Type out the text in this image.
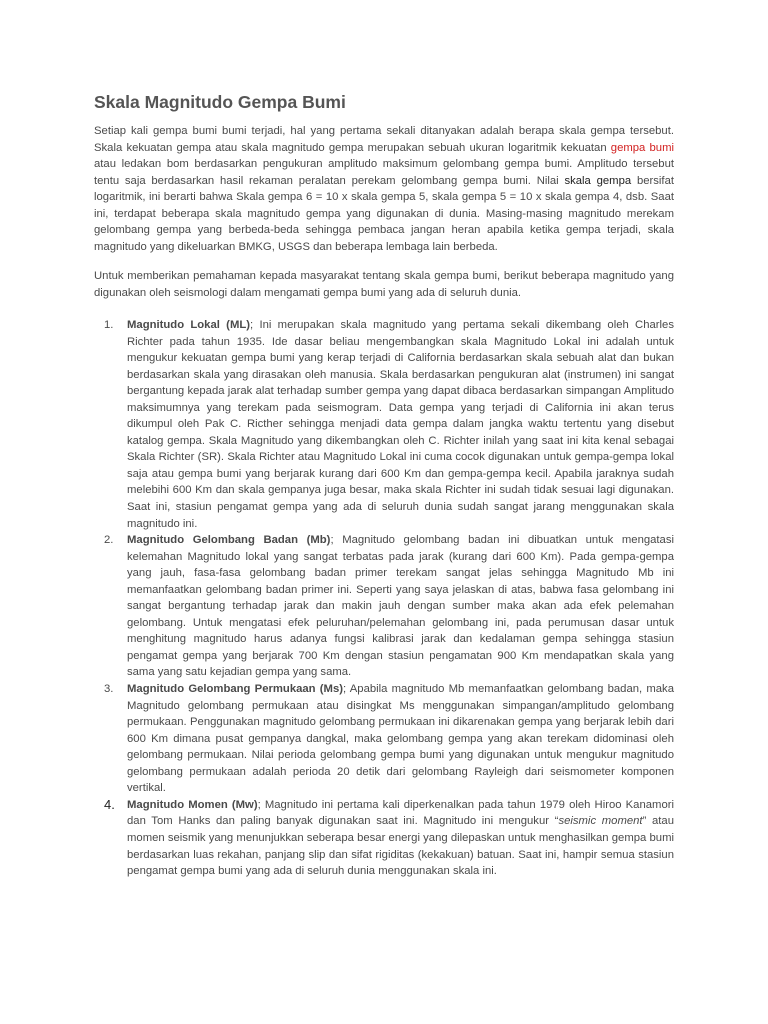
Skala Magnitudo Gempa Bumi

Setiap kali gempa bumi bumi terjadi, hal yang pertama sekali ditanyakan adalah berapa skala gempa tersebut. Skala kekuatan gempa atau skala magnitudo gempa merupakan sebuah ukuran logaritmik kekuatan gempa bumi atau ledakan bom berdasarkan pengukuran amplitudo maksimum gelombang gempa bumi. Amplitudo tersebut tentu saja berdasarkan hasil rekaman peralatan perekam gelombang gempa bumi. Nilai skala gempa bersifat logaritmik, ini berarti bahwa Skala gempa 6 = 10 x skala gempa 5, skala gempa 5 = 10 x skala gempa 4, dsb. Saat ini, terdapat beberapa skala magnitudo gempa yang digunakan di dunia. Masing-masing magnitudo merekam gelombang gempa yang berbeda-beda sehingga pembaca jangan heran apabila ketika gempa terjadi, skala magnitudo yang dikeluarkan BMKG, USGS dan beberapa lembaga lain berbeda.

Untuk memberikan pemahaman kepada masyarakat tentang skala gempa bumi, berikut beberapa magnitudo yang digunakan oleh seismologi dalam mengamati gempa bumi yang ada di seluruh dunia.

1. Magnitudo Lokal (ML); Ini merupakan skala magnitudo yang pertama sekali dikembang oleh Charles Richter pada tahun 1935. Ide dasar beliau mengembangkan skala Magnitudo Lokal ini adalah untuk mengukur kekuatan gempa bumi yang kerap terjadi di California berdasarkan skala sebuah alat dan bukan berdasarkan skala yang dirasakan oleh manusia. Skala berdasarkan pengukuran alat (instrumen) ini sangat bergantung kepada jarak alat terhadap sumber gempa yang dapat dibaca berdasarkan simpangan Amplitudo maksimumnya yang terekam pada seismogram. Data gempa yang terjadi di California ini akan terus dikumpul oleh Pak C. Ricther sehingga menjadi data gempa dalam jangka waktu tertentu yang disebut katalog gempa. Skala Magnitudo yang dikembangkan oleh C. Richter inilah yang saat ini kita kenal sebagai Skala Richter (SR). Skala Richter atau Magnitudo Lokal ini cuma cocok digunakan untuk gempa-gempa lokal saja atau gempa bumi yang berjarak kurang dari 600 Km dan gempa-gempa kecil. Apabila jaraknya sudah melebihi 600 Km dan skala gempanya juga besar, maka skala Richter ini sudah tidak sesuai lagi digunakan. Saat ini, stasiun pengamat gempa yang ada di seluruh dunia sudah sangat jarang menggunakan skala magnitudo ini.
2. Magnitudo Gelombang Badan (Mb); Magnitudo gelombang badan ini dibuatkan untuk mengatasi kelemahan Magnitudo lokal yang sangat terbatas pada jarak (kurang dari 600 Km). Pada gempa-gempa yang jauh, fasa-fasa gelombang badan primer terekam sangat jelas sehingga Magnitudo Mb ini memanfaatkan gelombang badan primer ini. Seperti yang saya jelaskan di atas, babwa fasa gelombang ini sangat bergantung terhadap jarak dan makin jauh dengan sumber maka akan ada efek pelemahan gelombang. Untuk mengatasi efek peluruhan/pelemahan gelombang ini, pada perumusan dasar untuk menghitung magnitudo harus adanya fungsi kalibrasi jarak dan kedalaman gempa sehingga stasiun pengamat gempa yang berjarak 700 Km dengan stasiun pengamatan 900 Km mendapatkan skala yang sama yang satu kejadian gempa yang sama.
3. Magnitudo Gelombang Permukaan (Ms); Apabila magnitudo Mb memanfaatkan gelombang badan, maka Magnitudo gelombang permukaan atau disingkat Ms menggunakan simpangan/amplitudo gelombang permukaan. Penggunakan magnitudo gelombang permukaan ini dikarenakan gempa yang berjarak lebih dari 600 Km dimana pusat gempanya dangkal, maka gelombang gempa yang akan terekam didominasi oleh gelombang permukaan. Nilai perioda gelombang gempa bumi yang digunakan untuk mengukur magnitudo gelombang permukaan adalah perioda 20 detik dari gelombang Rayleigh dari seismometer komponen vertikal.
4. Magnitudo Momen (Mw); Magnitudo ini pertama kali diperkenalkan pada tahun 1979 oleh Hiroo Kanamori dan Tom Hanks dan paling banyak digunakan saat ini. Magnitudo ini mengukur “seismic moment” atau momen seismik yang menunjukkan seberapa besar energi yang dilepaskan untuk menghasilkan gempa bumi berdasarkan luas rekahan, panjang slip dan sifat rigiditas (kekakuan) batuan. Saat ini, hampir semua stasiun pengamat gempa bumi yang ada di seluruh dunia menggunakan skala ini.
